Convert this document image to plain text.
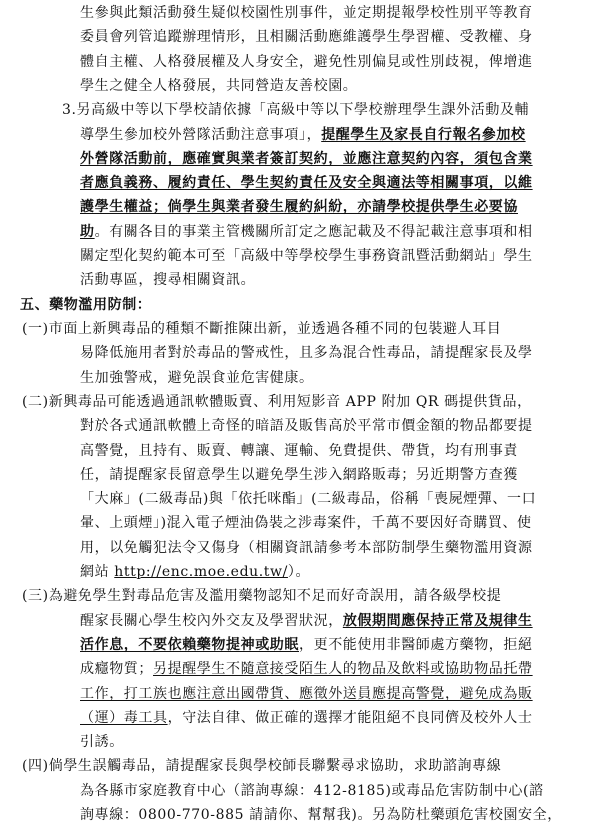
生參與此類活動發生疑似校園性別事件，並定期提報學校性別平等教育
委員會列管追蹤辦理情形，且相關活動應維護學生學習權、受教權、身
體自主權、人格發展權及人身安全，避免性別偏見或性別歧視，俾增進
學生之健全人格發展，共同營造友善校園。
3.另高級中等以下學校請依據「高級中等以下學校辦理學生課外活動及輔
導學生參加校外營隊活動注意事項」，提醒學生及家長自行報名參加校
外營隊活動前，應確實與業者簽訂契約，並應注意契約內容，須包含業
者應負義務、履約責任、學生契約責任及安全與適法等相關事項，以維
護學生權益；倘學生與業者發生履約糾紛，亦請學校提供學生必要協
助。有關各目的事業主管機關所訂定之應記載及不得記載注意事項和相
關定型化契約範本可至「高級中等學校學生事務資訊暨活動網站」學生
活動專區，搜尋相關資訊。
五、藥物濫用防制：
(一)市面上新興毒品的種類不斷推陳出新，並透過各種不同的包裝避人耳目
易降低施用者對於毒品的警戒性，且多為混合性毒品，請提醒家長及學
生加強警戒，避免誤食並危害健康。
(二)新興毒品可能透過通訊軟體販賣、利用短影音 APP 附加 QR 碼提供貨品，
對於各式通訊軟體上奇怪的暗語及販售高於平常市價金額的物品都要提
高警覺，且持有、販賣、轉讓、運輸、免費提供、帶貨，均有刑事責
任，請提醒家長留意學生以避免學生涉入網路販毒；另近期警方查獲
「大麻」(二級毒品)與「依托咪酯」(二級毒品，俗稱「喪屍煙彈、一口
暈、上頭煙」)混入電子煙油偽裝之涉毒案件，千萬不要因好奇購買、使
用，以免觸犯法令又傷身（相關資訊請參考本部防制學生藥物濫用資源
網站 http://enc.moe.edu.tw/）。
(三)為避免學生對毒品危害及濫用藥物認知不足而好奇誤用，請各級學校提
醒家長關心學生校內外交友及學習狀況，放假期間應保持正常及規律生
活作息，不要依賴藥物提神或助眠，更不能使用非醫師處方藥物，拒絕
成癮物質；另提醒學生不隨意接受陌生人的物品及飲料或協助物品托帶
工作，打工族也應注意出國帶貨、應徵外送員應提高警覺，避免成為販
（運）毒工具，守法自律、做正確的選擇才能阻絕不良同儕及校外人士
引誘。
(四)倘學生誤觸毒品，請提醒家長與學校師長聯繫尋求協助，求助諮詢專線
為各縣市家庭教育中心（諮詢專線：412-8185)或毒品危害防制中心(諮
詢專線：0800-770-885 請請你、幫幫我)。另為防杜藥頭危害校園安全，
